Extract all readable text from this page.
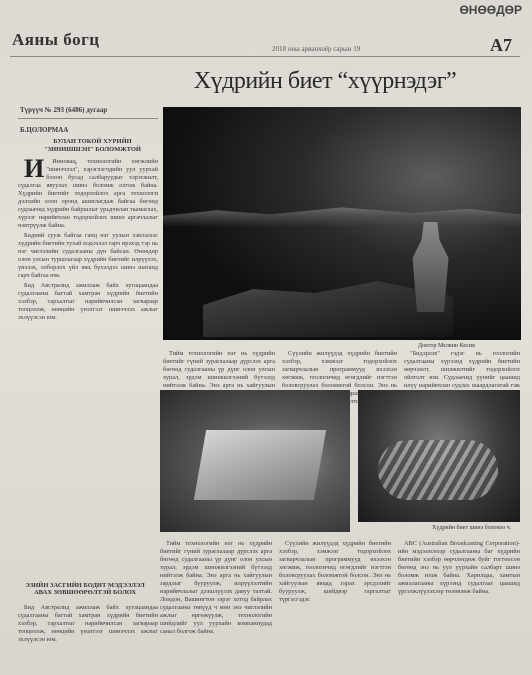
ӨНӨӨДӨР
Аяны богц	2018 оны арванхоёр сарын 19	A7
Хүдрийн биет “хүүрнэдэг”
Түрүүч № 293 (6486) дугаар
Б.ЦОЛОРМАА
БУЛАН ТОКОЙ ХУРИЙН "ЗИНИШШЭН" БОЛОМЖТОЙ

И Инновац, технологийн хөгжлийн "шинэчлэл", хэрэглэгчдийн уул уурхай болон бусад салбаруудыг хэрэгжилт, судалгаа явуулах шинэ боломж олгож байна. Хүдрийн биетийг тодорхойлох арга технологи дэлхийн олон оронд ашиглагдаж байгаа бөгөөд судлаачид хүдрийн байршлыг урьдчилан таамаглах, хүрээг нарийвчлан тодорхойлох шинэ аргачлалыг нэвтрүүлж байна.

Бидний сууж байгаа ганц нэг уулын хэвлэлээс хүдрийн биетийн тухай мэдээлэл гарч ирэхэд тэр нь нэг чиглэлийн судалгааны дүн байсан. Өнөөдөр олон улсын туршлагаар хүдрийн биетийг илрүүлэх, үнэлэх, олборлох үйл явц бүхэлдээ шинэ шатанд гарч байгаа юм.

Бид Австралид ажиллаж байх хугацаандаа судалгааны багтай хамтран хүдрийн биетийн хэлбэр, тархалтыг нарийвчилсан загвараар тооцоолж, нөөцийн үнэлгээг шинэчлэх ажлыг эхлүүлсэн юм.

ЭЗИЙН ЗАСГИЙН БОДИТ МЭДЭЭЛЭЛ АВАХ ЗӨВШӨӨРӨЛТЭЙ БОЛОХ

Бид Австралид ажиллаж байх хугацаандаа судалгааны багтай хамтран хүдрийн биетийн хэлбэр, тархалтыг нарийвчилсан загвараар тооцоолж, нөөцийн үнэлгээг шинэчлэх ажлыг эхлүүлсэн юм.

Доктор Мелвин Кесия

Тийм технологийн нэг нь хүдрийн биетийг гүний зураглалаар дүрслэх арга бөгөөд судалгааны үр дүнг олон улсын хурал, эрдэм шинжилгээний бүтээлд нийтэлж байна. Энэ арга нь хайгуулын

Сүүлийн жилүүдэд хүдрийн биетийн хэлбэр, хэмжээг тодорхойлох загварчлалын программууд ихээхэн хөгжиж, геологичид өгөгдлийг нэгтгэн боловсруулах боломжтой болсон. Энэ нь гарах

"Бидэрлэх" гэдэг нь геологийн судалгааны хүрээнд хүдрийн биетийн өөрчлөлт, шилжилтийг тодорхойлох ойлголт юм. Судлаачид үүнийг цаашид илүү нарийвчлан судлах шаардлагатай гэж

Хүдрийн биет шинэ болохоо ч.

Тийм технологийн нэг нь хүдрийн биетийг гүний зураглалаар дүрслэх арга бөгөөд судалгааны үр дүнг олон улсын хурал, эрдэм шинжилгээний бүтээлд нийтэлж байна. Энэ арга нь хайгуулын зардлыг бууруулж, илрүүлэлтийн нарийвчлалыг дээшлүүлэх давуу талтай. Лондон, Вашингтон зэрэг хотод байрлах судалгааны төвүүд ч мөн энэ чиглэлийн ажлыг өргөжүүлж, технологийн шийдлийг уул уурхайн компаниудад санал болгож байна.

Сүүлийн жилүүдэд хүдрийн биетийн хэлбэр, хэмжээг тодорхойлох загварчлалын программууд ихээхэн хөгжиж, геологичид өгөгдлийг нэгтгэн боловсруулах боломжтой болсон. Энэ нь хайгуулын явцад гарах эрсдэлийг бууруулж, шийдвэр гаргалтыг түргэсгэдэг.

ABC (Australian Broadcasting Corporation)-ийн мэдээлснээр судалгааны баг хүдрийн биетийн хэлбэр өөрчлөгдөж буйг тогтоосон бөгөөд энэ нь уул уурхайн салбарт шинэ боломж нээж байна. Харилцаа, хамтын ажиллагааны хүрээнд судалгааг цаашид үргэлжлүүлэхээр төлөвлөж байна.
